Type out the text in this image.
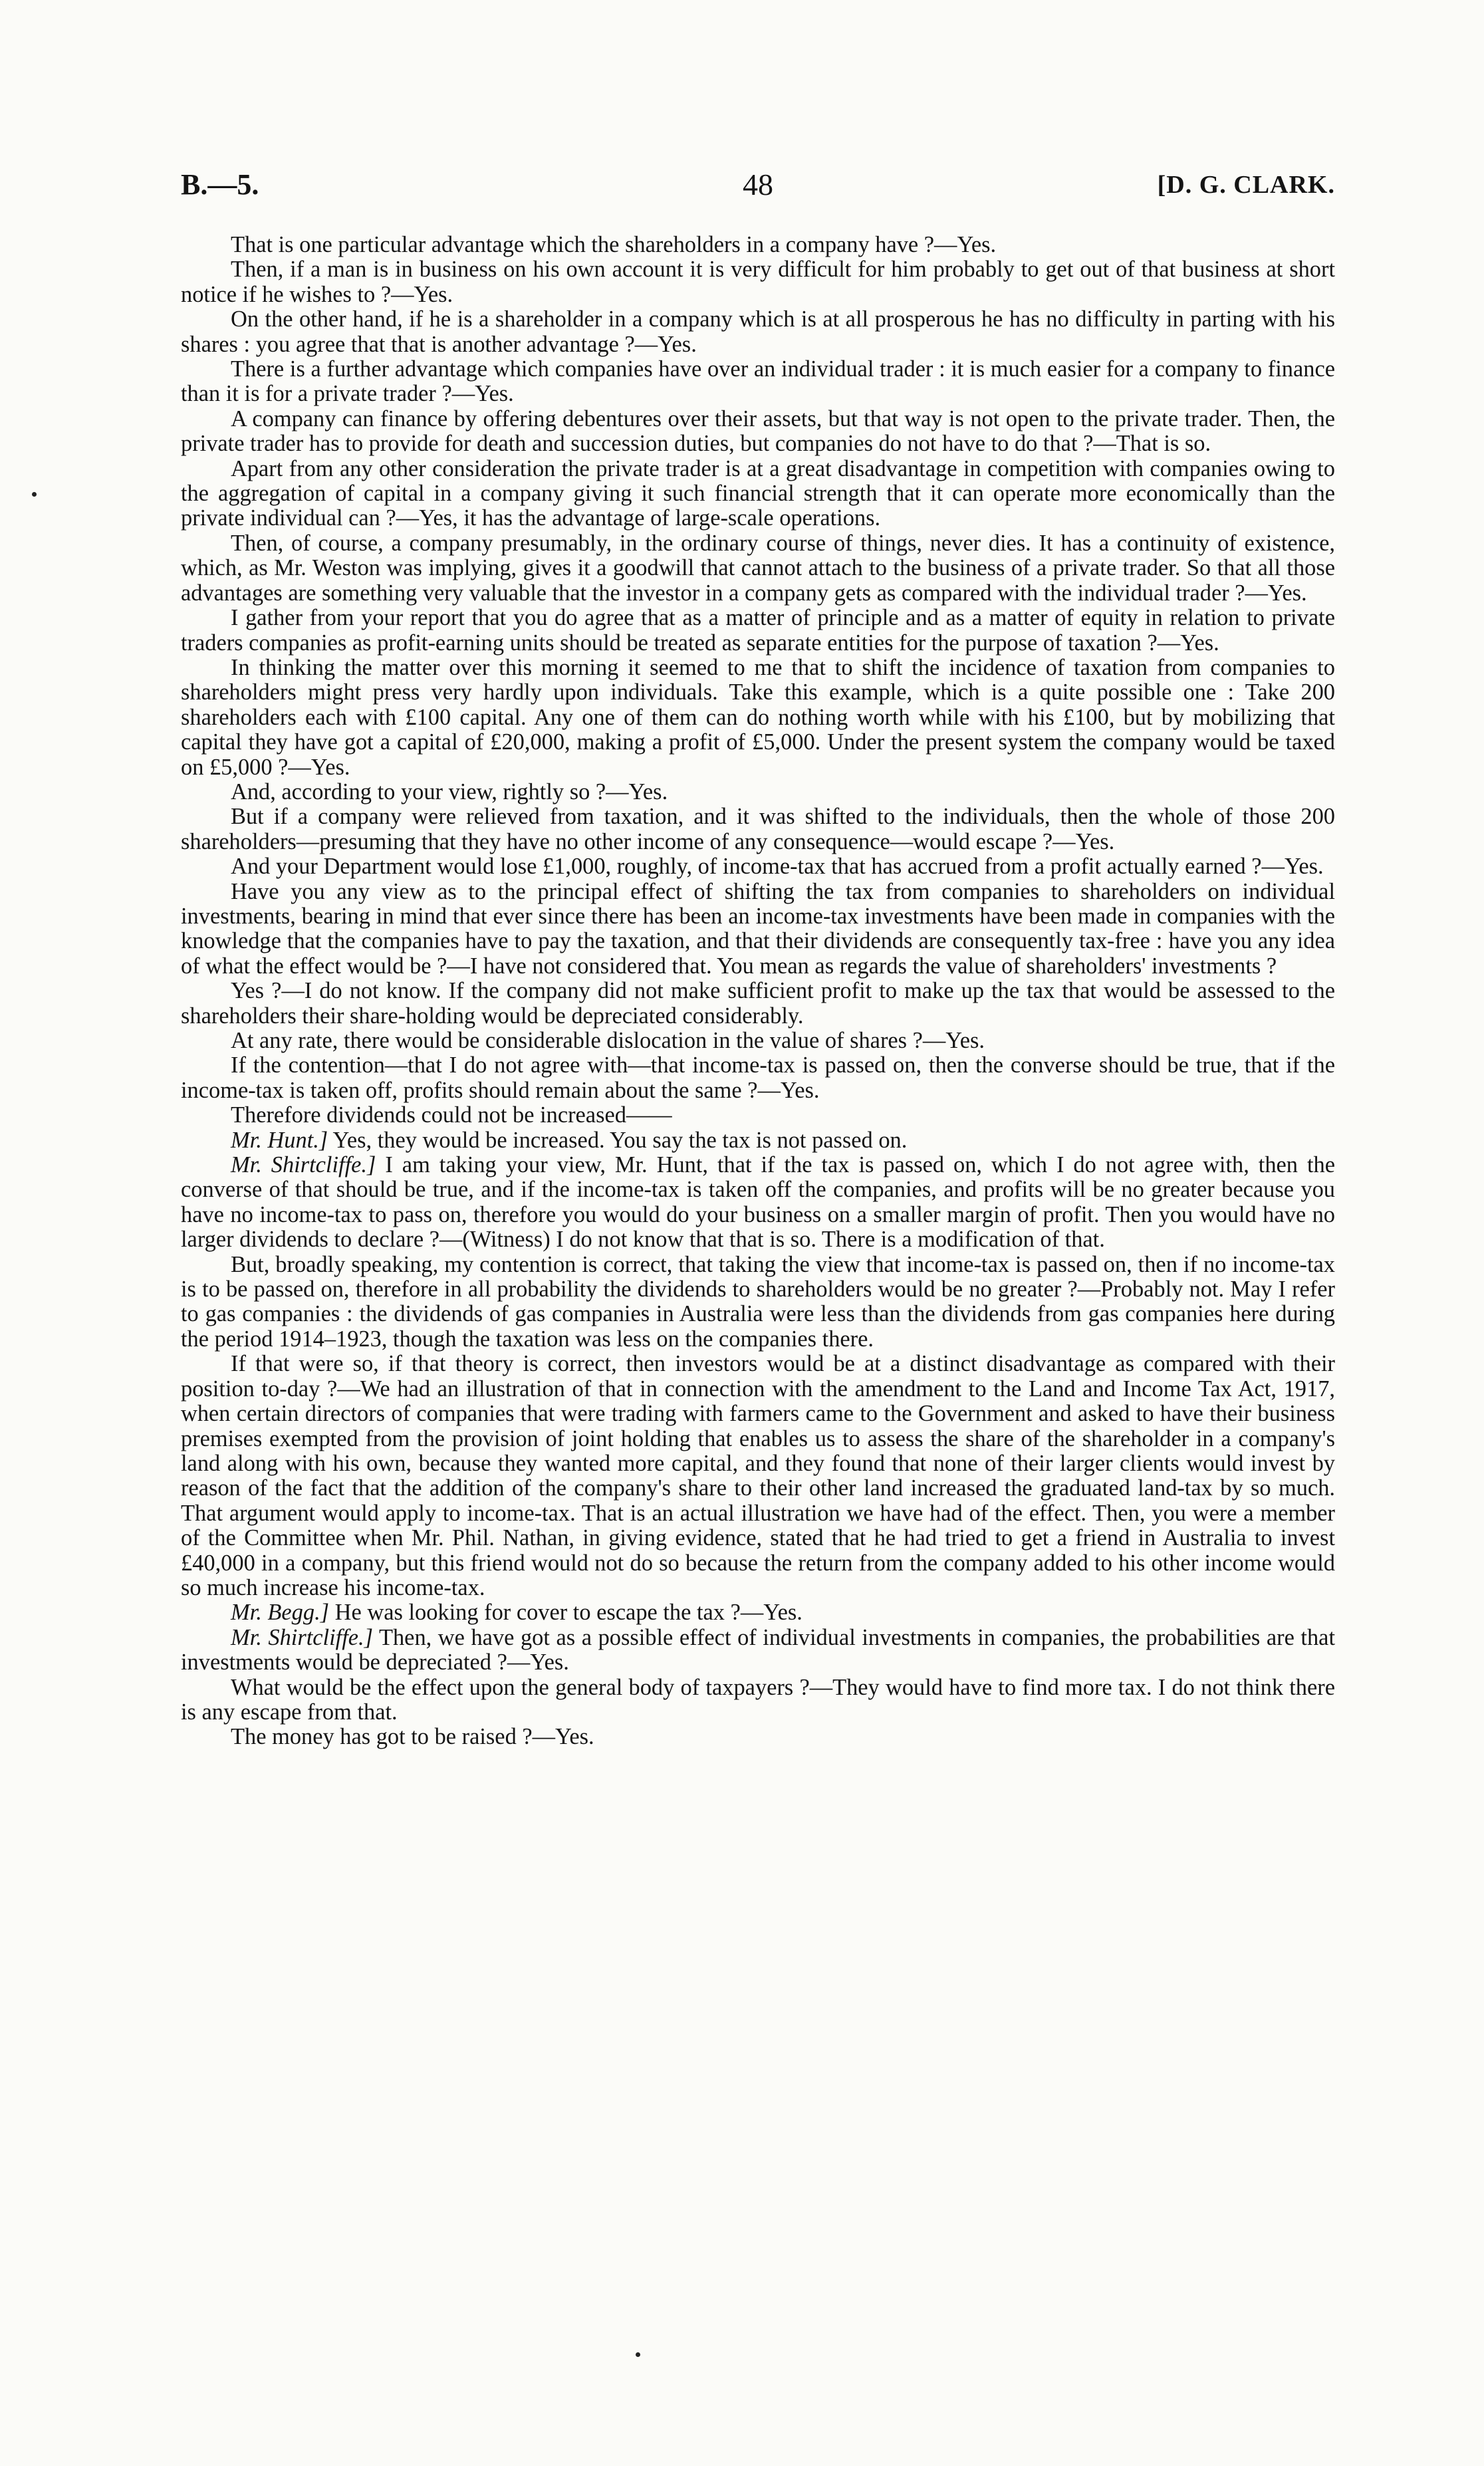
B.—5.	48	[D. G. CLARK.

That is one particular advantage which the shareholders in a company have ?—Yes.

Then, if a man is in business on his own account it is very difficult for him probably to get out of that business at short notice if he wishes to ?—Yes.

On the other hand, if he is a shareholder in a company which is at all prosperous he has no difficulty in parting with his shares : you agree that that is another advantage ?—Yes.

There is a further advantage which companies have over an individual trader : it is much easier for a company to finance than it is for a private trader ?—Yes.

A company can finance by offering debentures over their assets, but that way is not open to the private trader. Then, the private trader has to provide for death and succession duties, but companies do not have to do that ?—That is so.

Apart from any other consideration the private trader is at a great disadvantage in competition with companies owing to the aggregation of capital in a company giving it such financial strength that it can operate more economically than the private individual can ?—Yes, it has the advantage of large-scale operations.

Then, of course, a company presumably, in the ordinary course of things, never dies. It has a continuity of existence, which, as Mr. Weston was implying, gives it a goodwill that cannot attach to the business of a private trader. So that all those advantages are something very valuable that the investor in a company gets as compared with the individual trader ?—Yes.

I gather from your report that you do agree that as a matter of principle and as a matter of equity in relation to private traders companies as profit-earning units should be treated as separate entities for the purpose of taxation ?—Yes.

In thinking the matter over this morning it seemed to me that to shift the incidence of taxation from companies to shareholders might press very hardly upon individuals. Take this example, which is a quite possible one : Take 200 shareholders each with £100 capital. Any one of them can do nothing worth while with his £100, but by mobilizing that capital they have got a capital of £20,000, making a profit of £5,000. Under the present system the company would be taxed on £5,000 ?—Yes.

And, according to your view, rightly so ?—Yes.

But if a company were relieved from taxation, and it was shifted to the individuals, then the whole of those 200 shareholders—presuming that they have no other income of any consequence—would escape ?—Yes.

And your Department would lose £1,000, roughly, of income-tax that has accrued from a profit actually earned ?—Yes.

Have you any view as to the principal effect of shifting the tax from companies to shareholders on individual investments, bearing in mind that ever since there has been an income-tax investments have been made in companies with the knowledge that the companies have to pay the taxation, and that their dividends are consequently tax-free : have you any idea of what the effect would be ?—I have not considered that. You mean as regards the value of shareholders' investments ?

Yes ?—I do not know. If the company did not make sufficient profit to make up the tax that would be assessed to the shareholders their share-holding would be depreciated considerably.

At any rate, there would be considerable dislocation in the value of shares ?—Yes.

If the contention—that I do not agree with—that income-tax is passed on, then the converse should be true, that if the income-tax is taken off, profits should remain about the same ?—Yes.

Therefore dividends could not be increased——

Mr. Hunt.] Yes, they would be increased. You say the tax is not passed on.

Mr. Shirtcliffe.] I am taking your view, Mr. Hunt, that if the tax is passed on, which I do not agree with, then the converse of that should be true, and if the income-tax is taken off the companies, and profits will be no greater because you have no income-tax to pass on, therefore you would do your business on a smaller margin of profit. Then you would have no larger dividends to declare ?—(Witness) I do not know that that is so. There is a modification of that.

But, broadly speaking, my contention is correct, that taking the view that income-tax is passed on, then if no income-tax is to be passed on, therefore in all probability the dividends to shareholders would be no greater ?—Probably not. May I refer to gas companies : the dividends of gas companies in Australia were less than the dividends from gas companies here during the period 1914–1923, though the taxation was less on the companies there.

If that were so, if that theory is correct, then investors would be at a distinct disadvantage as compared with their position to-day ?—We had an illustration of that in connection with the amendment to the Land and Income Tax Act, 1917, when certain directors of companies that were trading with farmers came to the Government and asked to have their business premises exempted from the provision of joint holding that enables us to assess the share of the shareholder in a company's land along with his own, because they wanted more capital, and they found that none of their larger clients would invest by reason of the fact that the addition of the company's share to their other land increased the graduated land-tax by so much. That argument would apply to income-tax. That is an actual illustration we have had of the effect. Then, you were a member of the Committee when Mr. Phil. Nathan, in giving evidence, stated that he had tried to get a friend in Australia to invest £40,000 in a company, but this friend would not do so because the return from the company added to his other income would so much increase his income-tax.

Mr. Begg.] He was looking for cover to escape the tax ?—Yes.

Mr. Shirtcliffe.] Then, we have got as a possible effect of individual investments in companies, the probabilities are that investments would be depreciated ?—Yes.

What would be the effect upon the general body of taxpayers ?—They would have to find more tax. I do not think there is any escape from that.

The money has got to be raised ?—Yes.
